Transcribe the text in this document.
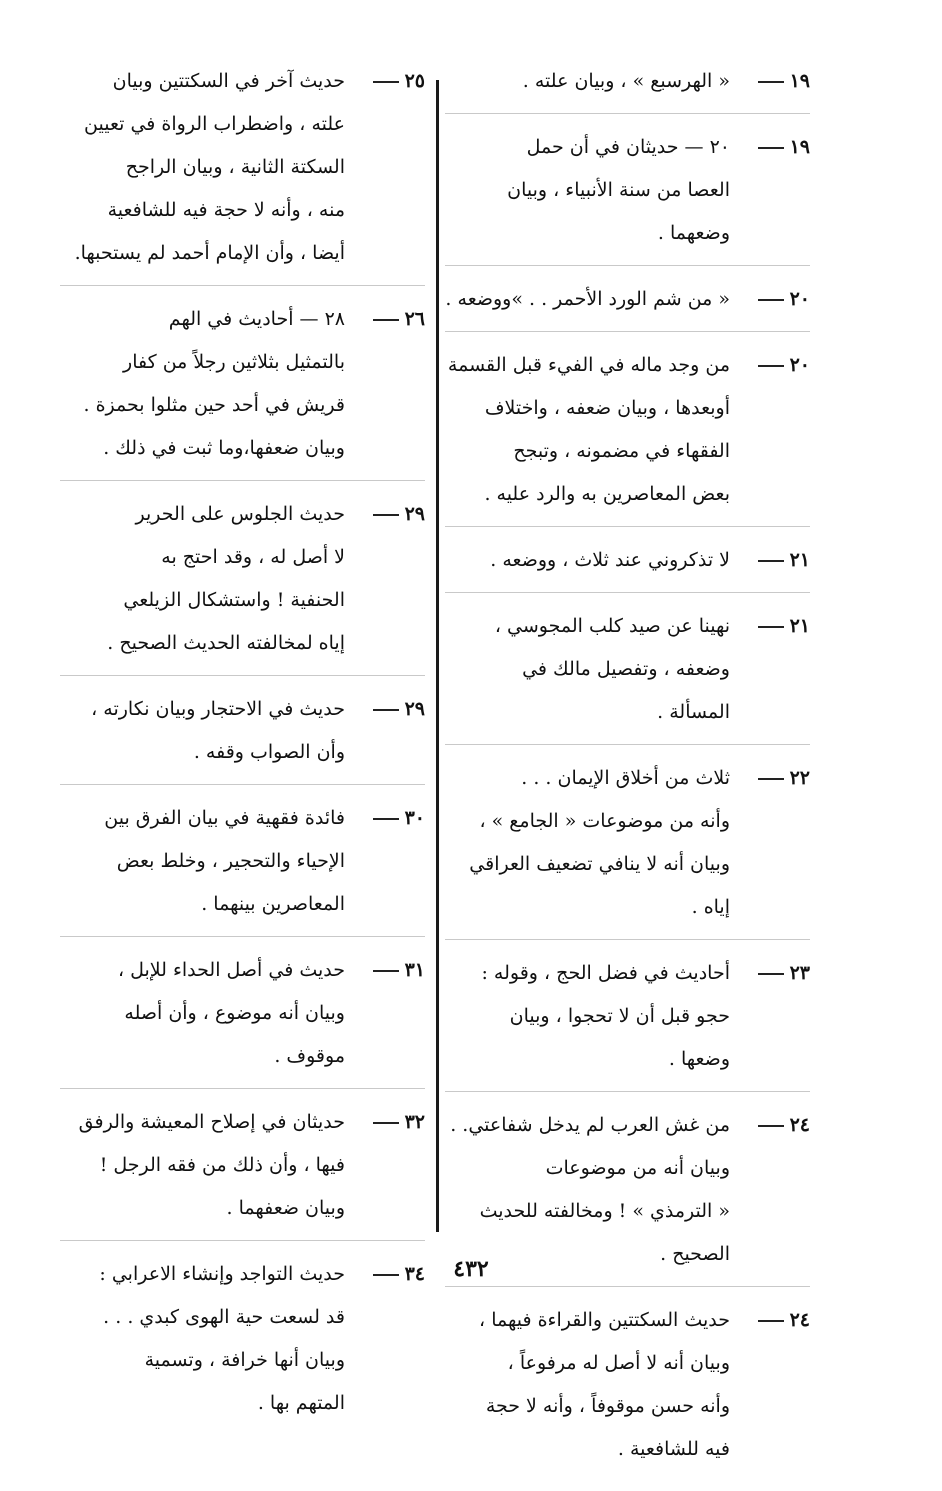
١٩
« الهرسبع » ، وبيان علته .
١٩
٢٠ — حديثان في أن حمل
العصا من سنة الأنبياء ، وبيان
وضعهما .
٢٠
« من شم الورد الأحمر . . »ووضعه .
٢٠
من وجد ماله في الفيء قبل القسمة
أوبعدها ، وبيان ضعفه ، واختلاف
الفقهاء في مضمونه ، وتبجح
بعض المعاصرين به والرد عليه .
٢١
لا تذكروني عند ثلاث ، ووضعه .
٢١
نهينا عن صيد كلب المجوسي ،
وضعفه ، وتفصيل مالك في
المسألة .
٢٢
ثلاث من أخلاق الإيمان . . .
وأنه من موضوعات « الجامع » ،
وبيان أنه لا ينافي تضعيف العراقي
إياه .
٢٣
أحاديث في فضل الحج ، وقوله :
حجو قبل أن لا تحجوا ، وبيان
وضعها .
٢٤
من غش العرب لم يدخل شفاعتي. .
وبيان أنه من موضوعات
« الترمذي » ! ومخالفته للحديث
الصحيح .
٢٤
حديث السكتتين والقراءة فيهما ،
وبيان أنه لا أصل له مرفوعاً ،
وأنه حسن موقوفاً ، وأنه لا حجة
فيه للشافعية .
٢٥
حديث آخر في السكتتين وبيان
علته ، واضطراب الرواة في تعيين
السكتة الثانية ، وبيان الراجح
منه ، وأنه لا حجة فيه للشافعية
أيضا ، وأن الإمام أحمد لم يستحبها.
٢٦
٢٨ — أحاديث في الهم
بالتمثيل بثلاثين رجلاً من كفار
قريش في أحد حين مثلوا بحمزة .
وبيان ضعفها،وما ثبت في ذلك .
٢٩
حديث الجلوس على الحرير
لا أصل له ، وقد احتج به
الحنفية ! واستشكال الزيلعي
إياه لمخالفته الحديث الصحيح .
٢٩
حديث في الاحتجار وبيان نكارته ،
وأن الصواب وقفه .
٣٠
فائدة فقهية في بيان الفرق بين
الإحياء والتحجير ، وخلط بعض
المعاصرين بينهما .
٣١
حديث في أصل الحداء للإبل ،
وبيان أنه موضوع ، وأن أصله
موقوف .
٣٢
حديثان في إصلاح المعيشة والرفق
فيها ، وأن ذلك من فقه الرجل !
وبيان ضعفهما .
٣٤
حديث التواجد وإنشاء الاعرابي :
قد لسعت حية الهوى كبدي . . .
وبيان أنها خرافة ، وتسمية
المتهم بها .
٤٣٢
